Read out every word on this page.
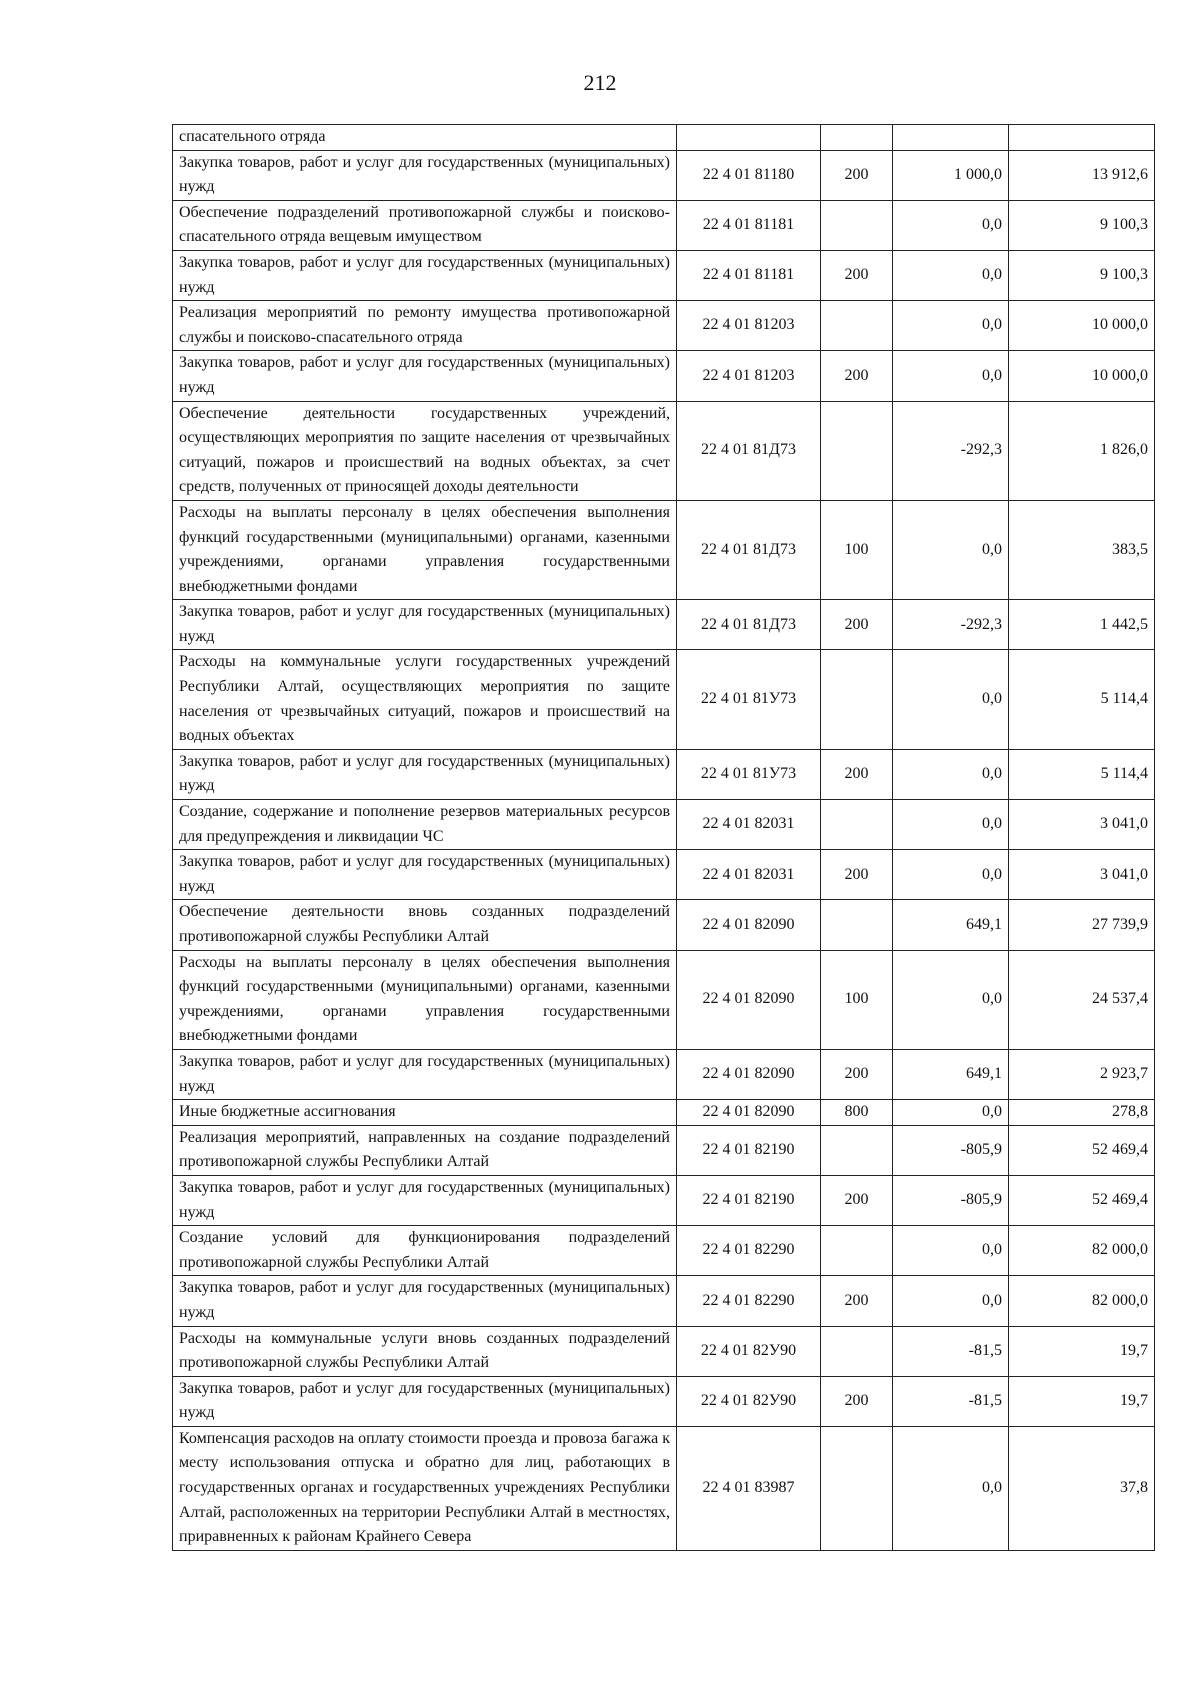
212
спасательного отряда				
Закупка товаров, работ и услуг для государственных (муниципальных) нужд	22 4 01 81180	200	1 000,0	13 912,6
Обеспечение подразделений противопожарной службы и поисково-спасательного отряда вещевым имуществом	22 4 01 81181		0,0	9 100,3
Закупка товаров, работ и услуг для государственных (муниципальных) нужд	22 4 01 81181	200	0,0	9 100,3
Реализация мероприятий по ремонту имущества противопожарной службы и поисково-спасательного отряда	22 4 01 81203		0,0	10 000,0
Закупка товаров, работ и услуг для государственных (муниципальных) нужд	22 4 01 81203	200	0,0	10 000,0
Обеспечение деятельности государственных учреждений, осуществляющих мероприятия по защите населения от чрезвычайных ситуаций, пожаров и происшествий на водных объектах, за счет средств, полученных от приносящей доходы деятельности	22 4 01 81Д73		-292,3	1 826,0
Расходы на выплаты персоналу в целях обеспечения выполнения функций государственными (муниципальными) органами, казенными учреждениями, органами управления государственными внебюджетными фондами	22 4 01 81Д73	100	0,0	383,5
Закупка товаров, работ и услуг для государственных (муниципальных) нужд	22 4 01 81Д73	200	-292,3	1 442,5
Расходы на коммунальные услуги государственных учреждений Республики Алтай, осуществляющих мероприятия по защите населения от чрезвычайных ситуаций, пожаров и происшествий на водных объектах	22 4 01 81У73		0,0	5 114,4
Закупка товаров, работ и услуг для государственных (муниципальных) нужд	22 4 01 81У73	200	0,0	5 114,4
Создание, содержание и пополнение резервов материальных ресурсов для предупреждения и ликвидации ЧС	22 4 01 82031		0,0	3 041,0
Закупка товаров, работ и услуг для государственных (муниципальных) нужд	22 4 01 82031	200	0,0	3 041,0
Обеспечение деятельности вновь созданных подразделений противопожарной службы Республики Алтай	22 4 01 82090		649,1	27 739,9
Расходы на выплаты персоналу в целях обеспечения выполнения функций государственными (муниципальными) органами, казенными учреждениями, органами управления государственными внебюджетными фондами	22 4 01 82090	100	0,0	24 537,4
Закупка товаров, работ и услуг для государственных (муниципальных) нужд	22 4 01 82090	200	649,1	2 923,7
Иные бюджетные ассигнования	22 4 01 82090	800	0,0	278,8
Реализация мероприятий, направленных на создание подразделений противопожарной службы Республики Алтай	22 4 01 82190		-805,9	52 469,4
Закупка товаров, работ и услуг для государственных (муниципальных) нужд	22 4 01 82190	200	-805,9	52 469,4
Создание условий для функционирования подразделений противопожарной службы Республики Алтай	22 4 01 82290		0,0	82 000,0
Закупка товаров, работ и услуг для государственных (муниципальных) нужд	22 4 01 82290	200	0,0	82 000,0
Расходы на коммунальные услуги вновь созданных подразделений противопожарной службы Республики Алтай	22 4 01 82У90		-81,5	19,7
Закупка товаров, работ и услуг для государственных (муниципальных) нужд	22 4 01 82У90	200	-81,5	19,7
Компенсация расходов на оплату стоимости проезда и провоза багажа к месту использования отпуска и обратно для лиц, работающих в государственных органах и государственных учреждениях Республики Алтай, расположенных на территории Республики Алтай в местностях, приравненных к районам Крайнего Севера	22 4 01 83987		0,0	37,8
